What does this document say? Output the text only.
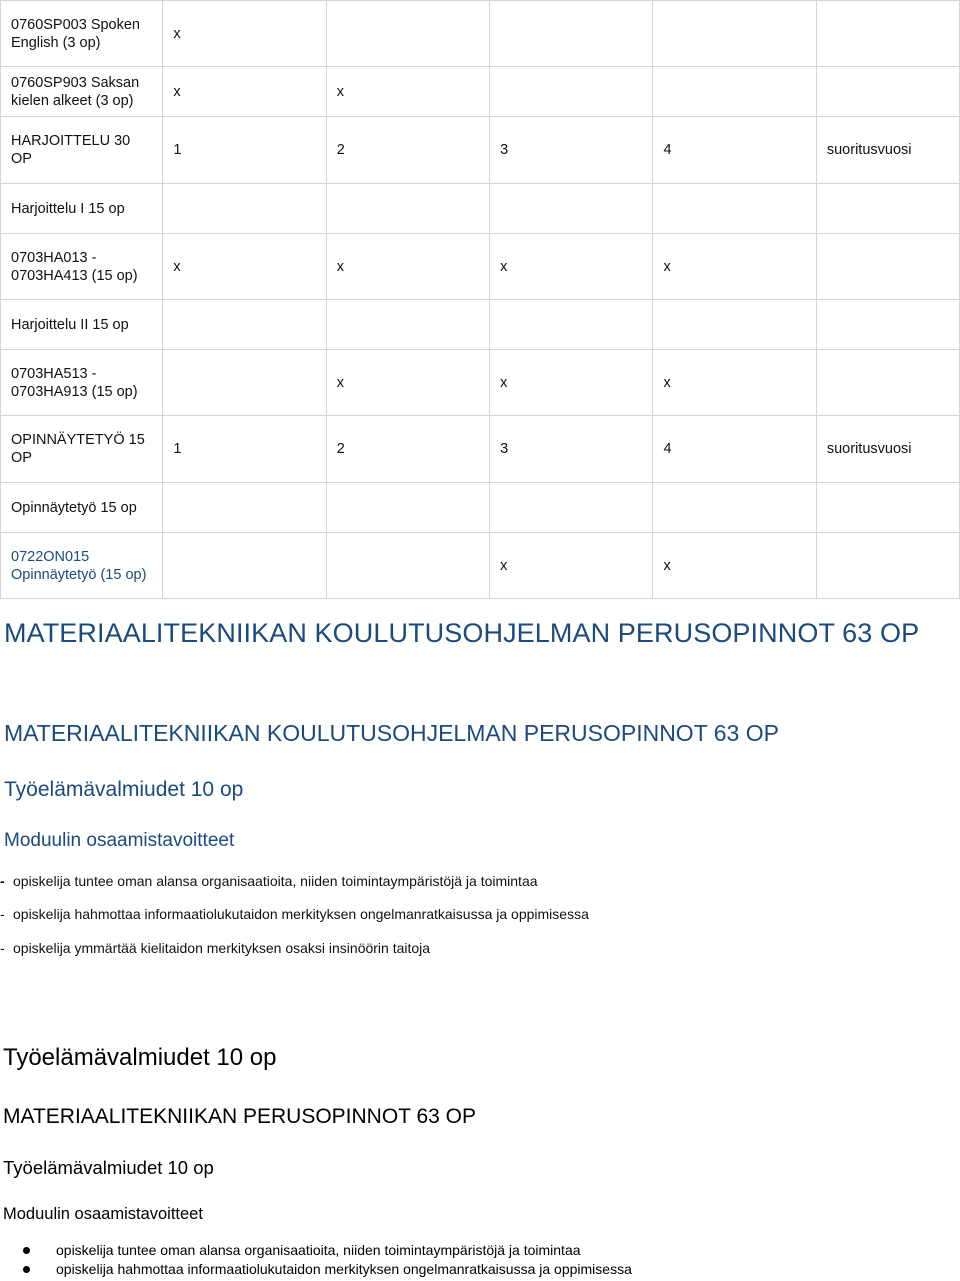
0760SP003 Spoken English (3 op)	x				
0760SP903 Saksan kielen alkeet (3 op)	x	x			
HARJOITTELU 30 OP	1	2	3	4	suoritusvuosi
Harjoittelu I 15 op					
0703HA013 - 0703HA413 (15 op)	x	x	x	x	
Harjoittelu II 15 op					
0703HA513 - 0703HA913 (15 op)		x	x	x	
OPINNÄYTETYÖ 15 OP	1	2	3	4	suoritusvuosi
Opinnäytetyö 15 op					
0722ON015 Opinnäytetyö (15 op)			x	x	
MATERIAALITEKNIIKAN KOULUTUSOHJELMAN PERUSOPINNOT 63 OP
MATERIAALITEKNIIKAN KOULUTUSOHJELMAN PERUSOPINNOT 63 OP
Työelämävalmiudet 10 op
Moduulin osaamistavoitteet
- opiskelija tuntee oman alansa organisaatioita, niiden toimintaympäristöjä ja toimintaa
- opiskelija hahmottaa informaatiolukutaidon merkityksen ongelmanratkaisussa ja oppimisessa
- opiskelija ymmärtää kielitaidon merkityksen osaksi insinöörin taitoja
Työelämävalmiudet 10 op
MATERIAALITEKNIIKAN PERUSOPINNOT 63 OP
Työelämävalmiudet 10 op
Moduulin osaamistavoitteet
opiskelija tuntee oman alansa organisaatioita, niiden toimintaympäristöjä ja toimintaa
opiskelija hahmottaa informaatiolukutaidon merkityksen ongelmanratkaisussa ja oppimisessa
